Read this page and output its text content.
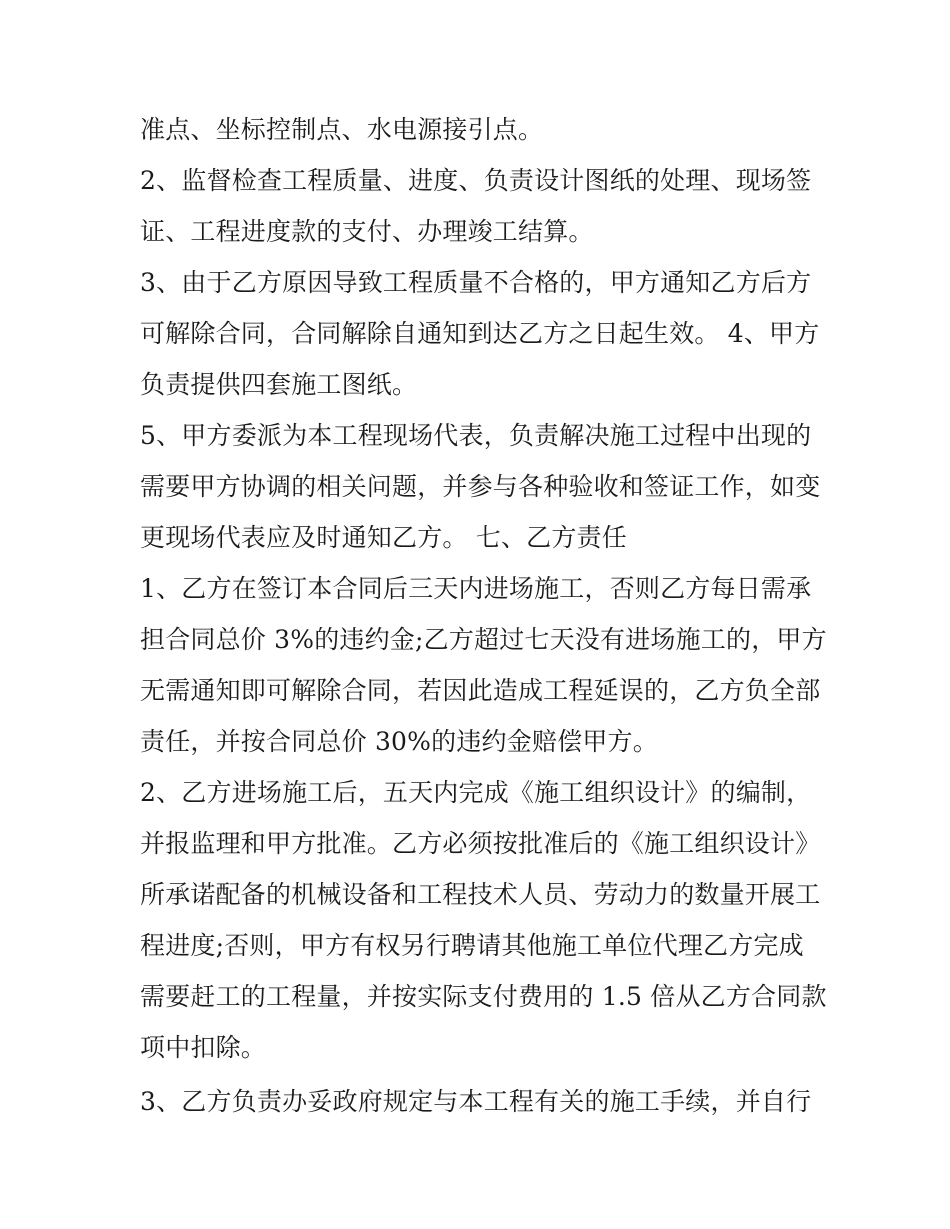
准点、坐标控制点、水电源接引点。
2、监督检查工程质量、进度、负责设计图纸的处理、现场签
证、工程进度款的支付、办理竣工结算。
3、由于乙方原因导致工程质量不合格的，甲方通知乙方后方
可解除合同，合同解除自通知到达乙方之日起生效。 4、甲方
负责提供四套施工图纸。
5、甲方委派为本工程现场代表，负责解决施工过程中出现的
需要甲方协调的相关问题，并参与各种验收和签证工作，如变
更现场代表应及时通知乙方。 七、乙方责任
1、乙方在签订本合同后三天内进场施工，否则乙方每日需承
担合同总价 3%的违约金;乙方超过七天没有进场施工的，甲方
无需通知即可解除合同，若因此造成工程延误的，乙方负全部
责任，并按合同总价 30%的违约金赔偿甲方。
2、乙方进场施工后，五天内完成《施工组织设计》的编制，
并报监理和甲方批准。乙方必须按批准后的《施工组织设计》
所承诺配备的机械设备和工程技术人员、劳动力的数量开展工
程进度;否则，甲方有权另行聘请其他施工单位代理乙方完成
需要赶工的工程量，并按实际支付费用的 1.5 倍从乙方合同款
项中扣除。
3、乙方负责办妥政府规定与本工程有关的施工手续，并自行
